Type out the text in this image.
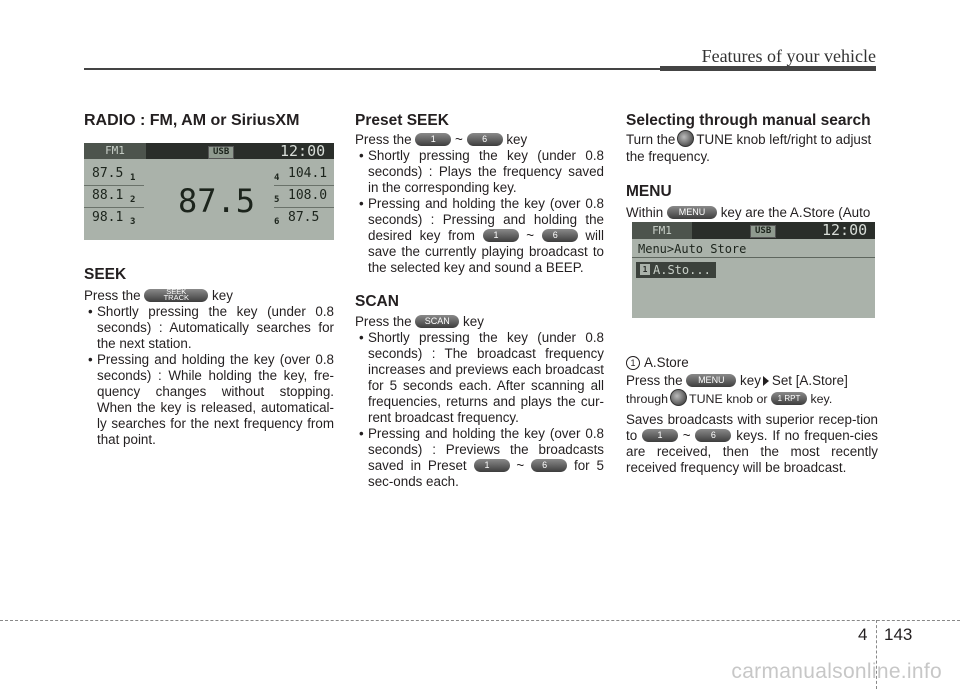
Features of your vehicle
RADIO : FM, AM or SiriusXM
FM1	USB	12:00
87.5
88.1
98.1
1
2
3
87.5
4
5
6
104.1
108.0
87.5
SEEK

Press the	SEEK
TRACK	key

• Shortly pressing the key (under 0.8 seconds) : Automatically searches for the next station.
• Pressing and holding the key (over 0.8 seconds) : While holding the key, fre-quency changes without stopping. When the key is released, automatical-ly searches for the next frequency from that point.
Preset SEEK

Press the 1 ~ 6 key

• Shortly pressing the key (under 0.8 seconds) : Plays the frequency saved in the corresponding key.
• Pressing and holding the key (over 0.8 seconds) : Pressing and holding the desired key from 1 ~ 6 will save the currently playing broadcast to the selected key and sound a BEEP.
SCAN

Press the SCAN key

• Shortly pressing the key (under 0.8 seconds) : The broadcast frequency increases and previews each broadcast for 5 seconds each. After scanning all frequencies, returns and plays the cur-rent broadcast frequency.
• Pressing and holding the key (over 0.8 seconds) : Previews the broadcasts saved in Preset 1 ~ 6 for 5 sec-onds each.
Selecting through manual search

Turn the TUNE knob left/right to adjust the frequency.

MENU
Within MENU key are the A.Store (Auto
FM1	USB	12:00
Menu>Auto Store
1 A.Sto...

1 A.Store

Press the MENU key Set [A.Store]

through TUNE knob or 1 RPT key.

Saves broadcasts with superior recep-tion to 1 ~ 6 keys. If no frequen-cies are received, then the most recently received frequency will be broadcast.

4 143
carmanualsonline.info
